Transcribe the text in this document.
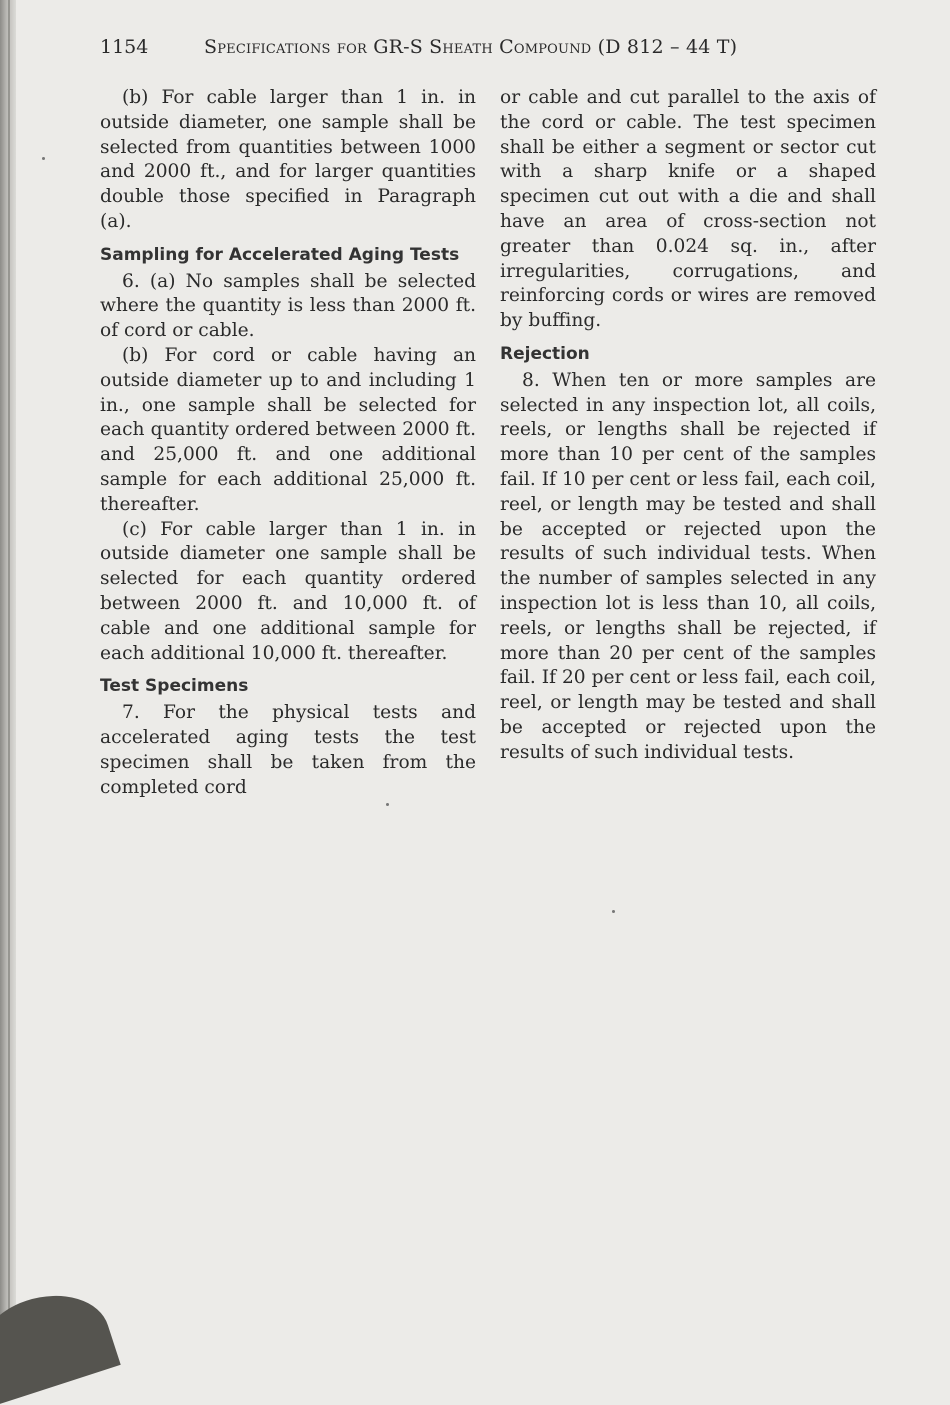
1154	Specifications for GR-S Sheath Compound (D 812 – 44 T)

(b) For cable larger than 1 in. in outside diameter, one sample shall be selected from quantities between 1000 and 2000 ft., and for larger quantities double those specified in Paragraph (a).

Sampling for Accelerated Aging Tests

6. (a) No samples shall be selected where the quantity is less than 2000 ft. of cord or cable.

(b) For cord or cable having an outside diameter up to and including 1 in., one sample shall be selected for each quantity ordered between 2000 ft. and 25,000 ft. and one additional sample for each additional 25,000 ft. thereafter.

(c) For cable larger than 1 in. in outside diameter one sample shall be selected for each quantity ordered between 2000 ft. and 10,000 ft. of cable and one additional sample for each additional 10,000 ft. thereafter.

Test Specimens

7. For the physical tests and accelerated aging tests the test specimen shall be taken from the completed cord

or cable and cut parallel to the axis of the cord or cable. The test specimen shall be either a segment or sector cut with a sharp knife or a shaped specimen cut out with a die and shall have an area of cross-section not greater than 0.024 sq. in., after irregularities, corrugations, and reinforcing cords or wires are removed by buffing.

Rejection

8. When ten or more samples are selected in any inspection lot, all coils, reels, or lengths shall be rejected if more than 10 per cent of the samples fail. If 10 per cent or less fail, each coil, reel, or length may be tested and shall be accepted or rejected upon the results of such individual tests. When the number of samples selected in any inspection lot is less than 10, all coils, reels, or lengths shall be rejected, if more than 20 per cent of the samples fail. If 20 per cent or less fail, each coil, reel, or length may be tested and shall be accepted or rejected upon the results of such individual tests.
